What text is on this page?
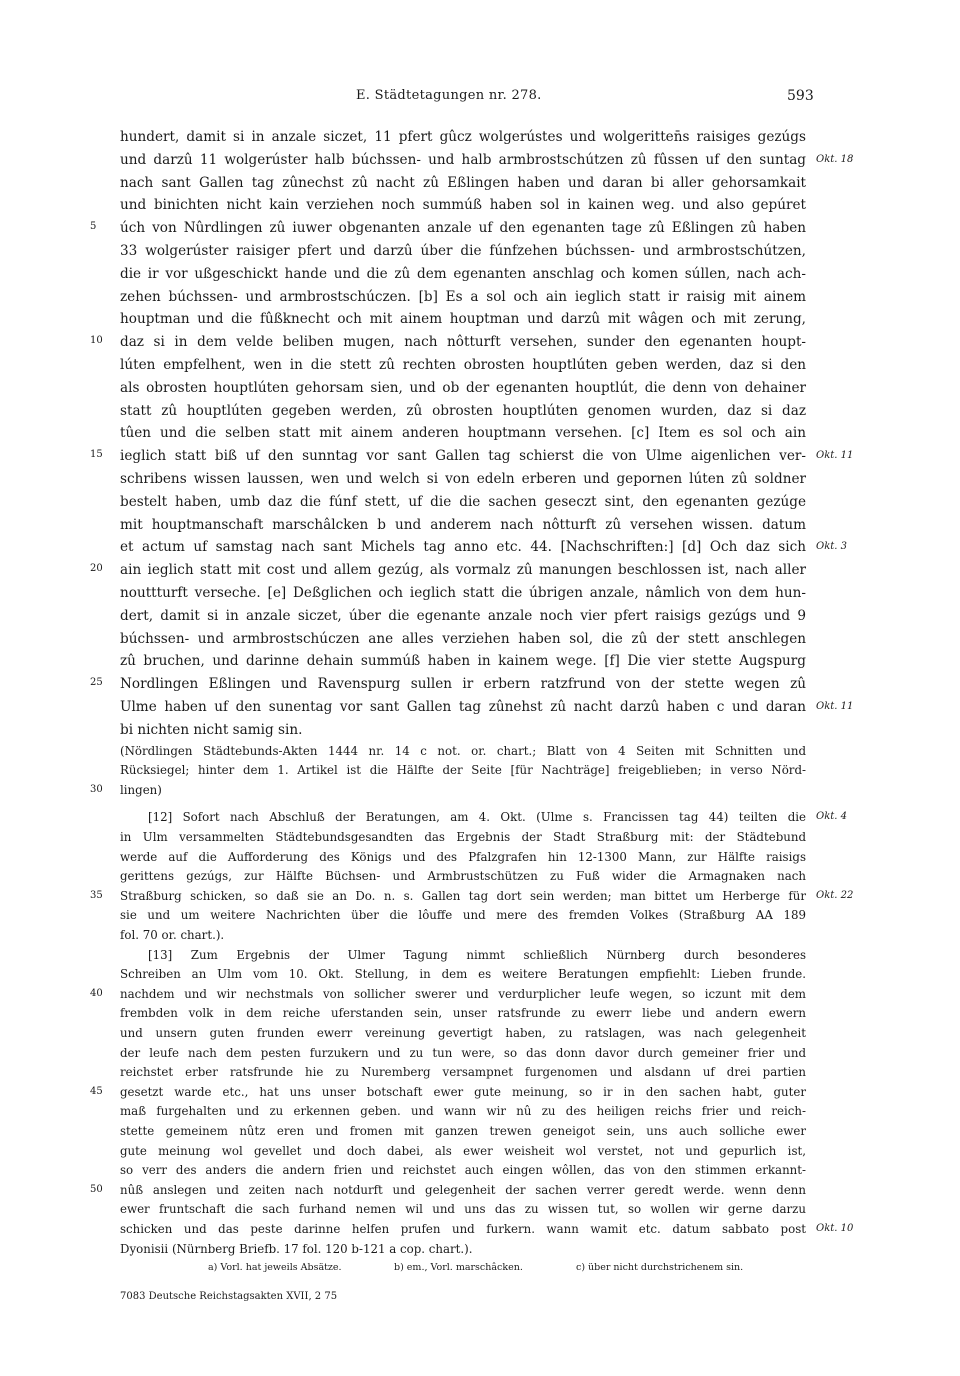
E. Städtetagungen nr. 278.	593
hundert, damit si in anzale siczet, 11 pfert gûcz wolgerústes und wolgeritten̄s raisiges gezúgs
und darzû 11 wolgerúster halb búchssen- und halb armbrostschútzen zû fûssen uf den suntag Okt. 18
nach sant Gallen tag zûnechst zû nacht zû Eßlingen haben und daran bi aller gehorsamkait
und binichten nicht kain verziehen noch summúß haben sol in kainen weg. und also gepúret
5	úch von Nûrdlingen zû iuwer obgenanten anzale uf den egenanten tage zû Eßlingen zû haben
33 wolgerúster raisiger pfert und darzû úber die fúnfzehen búchssen- und armbrostschútzen,
die ir vor ußgeschickt hande und die zû dem egenanten anschlag och komen súllen, nach ach-
zehen búchssen- und armbrostschúczen. [b] Es a sol och ain ieglich statt ir raisig mit ainem
houptman und die fûßknecht och mit ainem houptman und darzû mit wâgen och mit zerung,
10	daz si in dem velde beliben mugen, nach nôtturft versehen, sunder den egenanten houpt-
lúten empfelhent, wen in die stett zû rechten obrosten houptlúten geben werden, daz si den
als obrosten houptlúten gehorsam sien, und ob der egenanten houptlút, die denn von dehainer
statt zû houptlúten gegeben werden, zû obrosten houptlúten genomen wurden, daz si daz
tûen und die selben statt mit ainem anderen houptmann versehen. [c] Item es sol och ain
15	ieglich statt biß uf den sunntag vor sant Gallen tag schierst die von Ulme aigenlichen ver- Okt. 11
schribens wissen laussen, wen und welch si von edeln erberen und gepornen lúten zû soldner
bestelt haben, umb daz die fúnf stett, uf die die sachen geseczt sint, den egenanten gezúge
mit houptmanschaft marschâlcken b und anderem nach nôtturft zû versehen wissen. datum
et actum uf samstag nach sant Michels tag anno etc. 44. [Nachschriften:] [d] Och daz sich Okt. 3
20	ain ieglich statt mit cost und allem gezúg, als vormalz zû manungen beschlossen ist, nach aller
nouttturft verseche. [e] Deßglichen och ieglich statt die úbrigen anzale, nâmlich von dem hun-
dert, damit si in anzale siczet, úber die egenante anzale noch vier pfert raisigs gezúgs und 9
búchssen- und armbrostschúczen ane alles verziehen haben sol, die zû der stett anschlegen
zû bruchen, und darinne dehain summúß haben in kainem wege. [f] Die vier stette Augspurg
25	Nordlingen Eßlingen und Ravenspurg sullen ir erbern ratzfrund von der stette wegen zû
Ulme haben uf den sunentag vor sant Gallen tag zûnehst zû nacht darzû haben c und daran Okt. 11
bi nichten nicht samig sin.
(Nördlingen Städtebunds-Akten 1444 nr. 14 c not. or. chart.; Blatt von 4 Seiten mit Schnitten und
Rücksiegel; hinter dem 1. Artikel ist die Hälfte der Seite [für Nachträge] freigeblieben; in verso Nörd-
30	lingen)
[12] Sofort nach Abschluß der Beratungen, am 4. Okt. (Ulme s. Francissen tag 44) teilten die Okt. 4
in Ulm versammelten Städtebundsgesandten das Ergebnis der Stadt Straßburg mit: der Städtebund
werde auf die Aufforderung des Königs und des Pfalzgrafen hin 12-1300 Mann, zur Hälfte raisigs
gerittens gezúgs, zur Hälfte Büchsen- und Armbrustschützen zu Fuß wider die Armagnaken nach
35	Straßburg schicken, so daß sie an Do. n. s. Gallen tag dort sein werden; man bittet um Herberge für Okt. 22
sie und um weitere Nachrichten über die lôuffe und mere des fremden Volkes (Straßburg AA 189
fol. 70 or. chart.).
[13] Zum Ergebnis der Ulmer Tagung nimmt schließlich Nürnberg durch besonderes
Schreiben an Ulm vom 10. Okt. Stellung, in dem es weitere Beratungen empfiehlt: Lieben frunde.
40	nachdem und wir nechstmals von sollicher swerer und verdurplicher leufe wegen, so iczunt mit dem
frembden volk in dem reiche uferstanden sein, unser ratsfrunde zu ewerr liebe und andern ewern
und unsern guten frunden ewerr vereinung gevertigt haben, zu ratslagen, was nach gelegenheit
der leufe nach dem pesten furzukern und zu tun were, so das donn davor durch gemeiner frier und
reichstet erber ratsfrunde hie zu Nuremberg versampnet furgenomen und alsdann uf drei partien
45	gesetzt warde etc., hat uns unser botschaft ewer gute meinung, so ir in den sachen habt, guter
maß furgehalten und zu erkennen geben. und wann wir nû zu des heiligen reichs frier und reich-
stette gemeinem nûtz eren und fromen mit ganzen trewen geneigot sein, uns auch solliche ewer
gute meinung wol gevellet und doch dabei, als ewer weisheit wol verstet, not und gepurlich ist,
so verr des anders die andern frien und reichstet auch eingen wôllen, das von den stimmen erkannt-
50	nûß anslegen und zeiten nach notdurft und gelegenheit der sachen verrer geredt werde. wenn denn
ewer fruntschaft die sach furhand nemen wil und uns das zu wissen tut, so wollen wir gerne darzu
schicken und das peste darinne helfen prufen und furkern. wann wamit etc. datum sabbato post Okt. 10
Dyonisii (Nürnberg Briefb. 17 fol. 120 b-121 a cop. chart.).
a) Vorl. hat jeweils Absätze.	b) em., Vorl. marschâcken.	c) über nicht durchstrichenem sin.
7083 Deutsche Reichstagsakten XVII, 2 75
